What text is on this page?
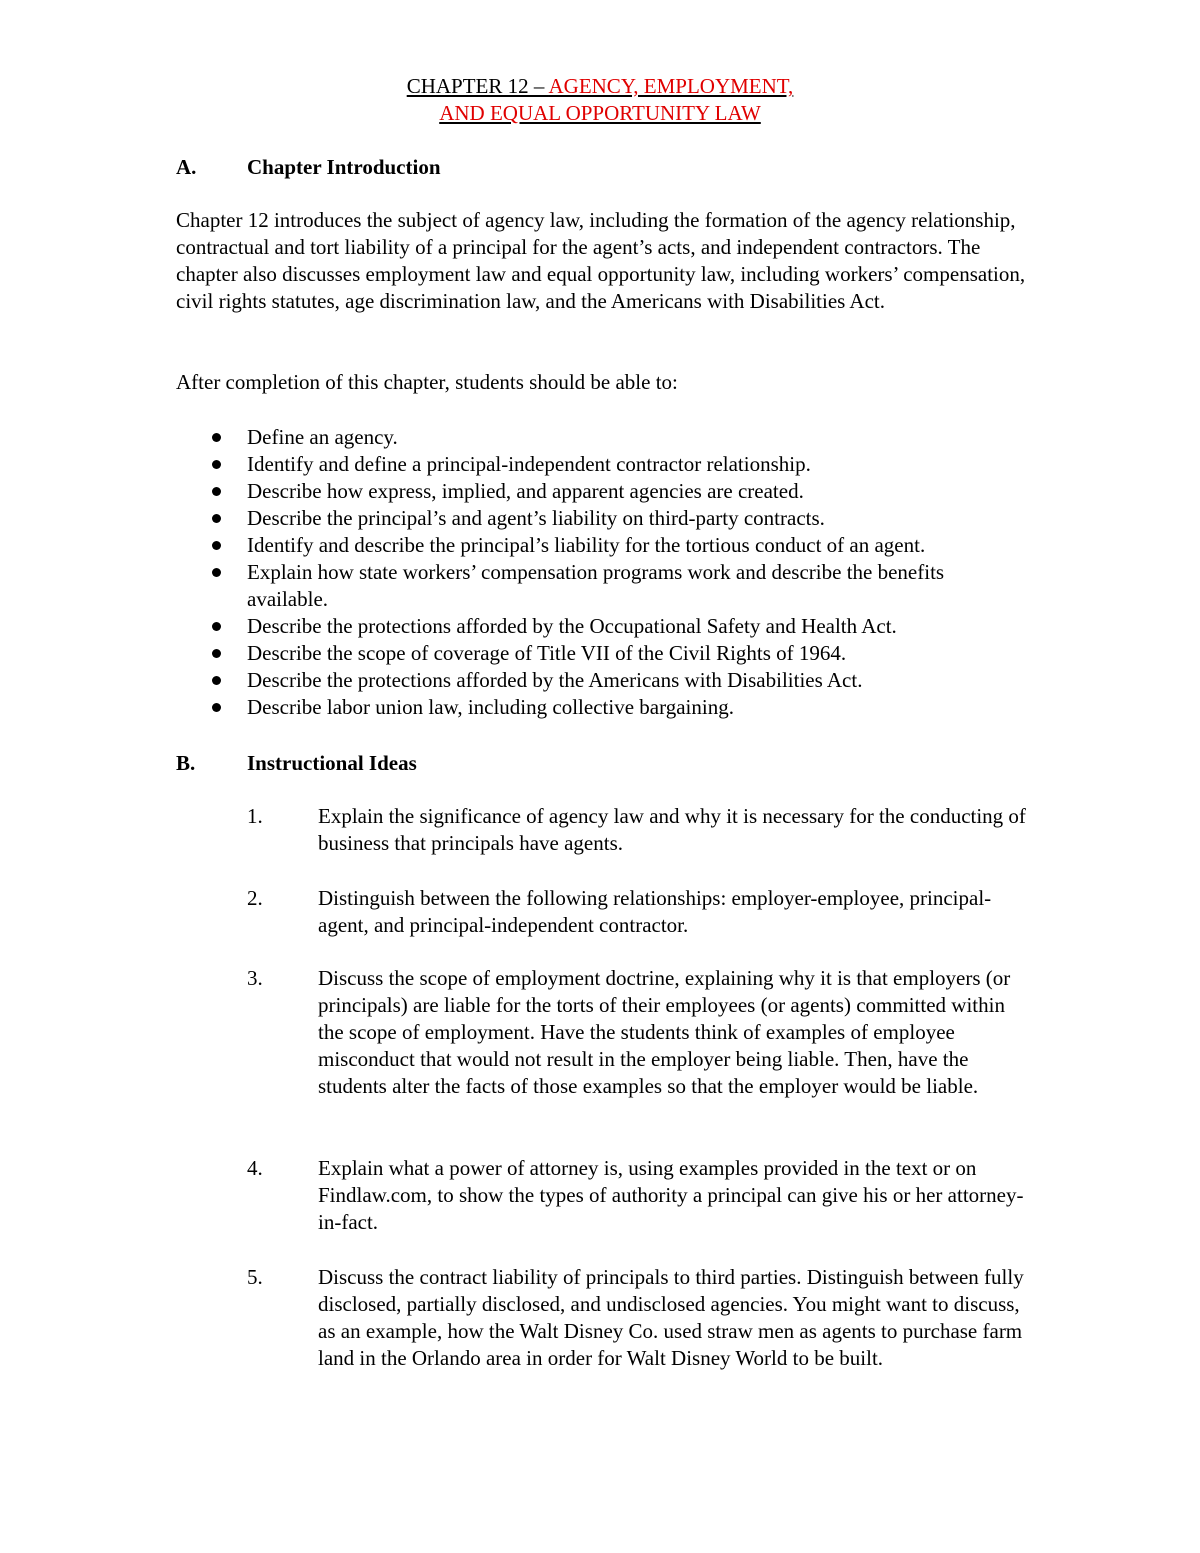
CHAPTER 12 – AGENCY, EMPLOYMENT,
AND EQUAL OPPORTUNITY LAW
A. Chapter Introduction
Chapter 12 introduces the subject of agency law, including the formation of the agency relationship, contractual and tort liability of a principal for the agent’s acts, and independent contractors. The chapter also discusses employment law and equal opportunity law, including workers’ compensation, civil rights statutes, age discrimination law, and the Americans with Disabilities Act.
After completion of this chapter, students should be able to:
Define an agency.
Identify and define a principal-independent contractor relationship.
Describe how express, implied, and apparent agencies are created.
Describe the principal’s and agent’s liability on third-party contracts.
Identify and describe the principal’s liability for the tortious conduct of an agent.
Explain how state workers’ compensation programs work and describe the benefits available.
Describe the protections afforded by the Occupational Safety and Health Act.
Describe the scope of coverage of Title VII of the Civil Rights of 1964.
Describe the protections afforded by the Americans with Disabilities Act.
Describe labor union law, including collective bargaining.
B. Instructional Ideas
1.	Explain the significance of agency law and why it is necessary for the conducting of business that principals have agents.
2.	Distinguish between the following relationships: employer-employee, principal-agent, and principal-independent contractor.
3.	Discuss the scope of employment doctrine, explaining why it is that employers (or principals) are liable for the torts of their employees (or agents) committed within the scope of employment. Have the students think of examples of employee misconduct that would not result in the employer being liable. Then, have the students alter the facts of those examples so that the employer would be liable.
4.	Explain what a power of attorney is, using examples provided in the text or on Findlaw.com, to show the types of authority a principal can give his or her attorney-in-fact.
5.	Discuss the contract liability of principals to third parties. Distinguish between fully disclosed, partially disclosed, and undisclosed agencies. You might want to discuss, as an example, how the Walt Disney Co. used straw men as agents to purchase farm land in the Orlando area in order for Walt Disney World to be built.
